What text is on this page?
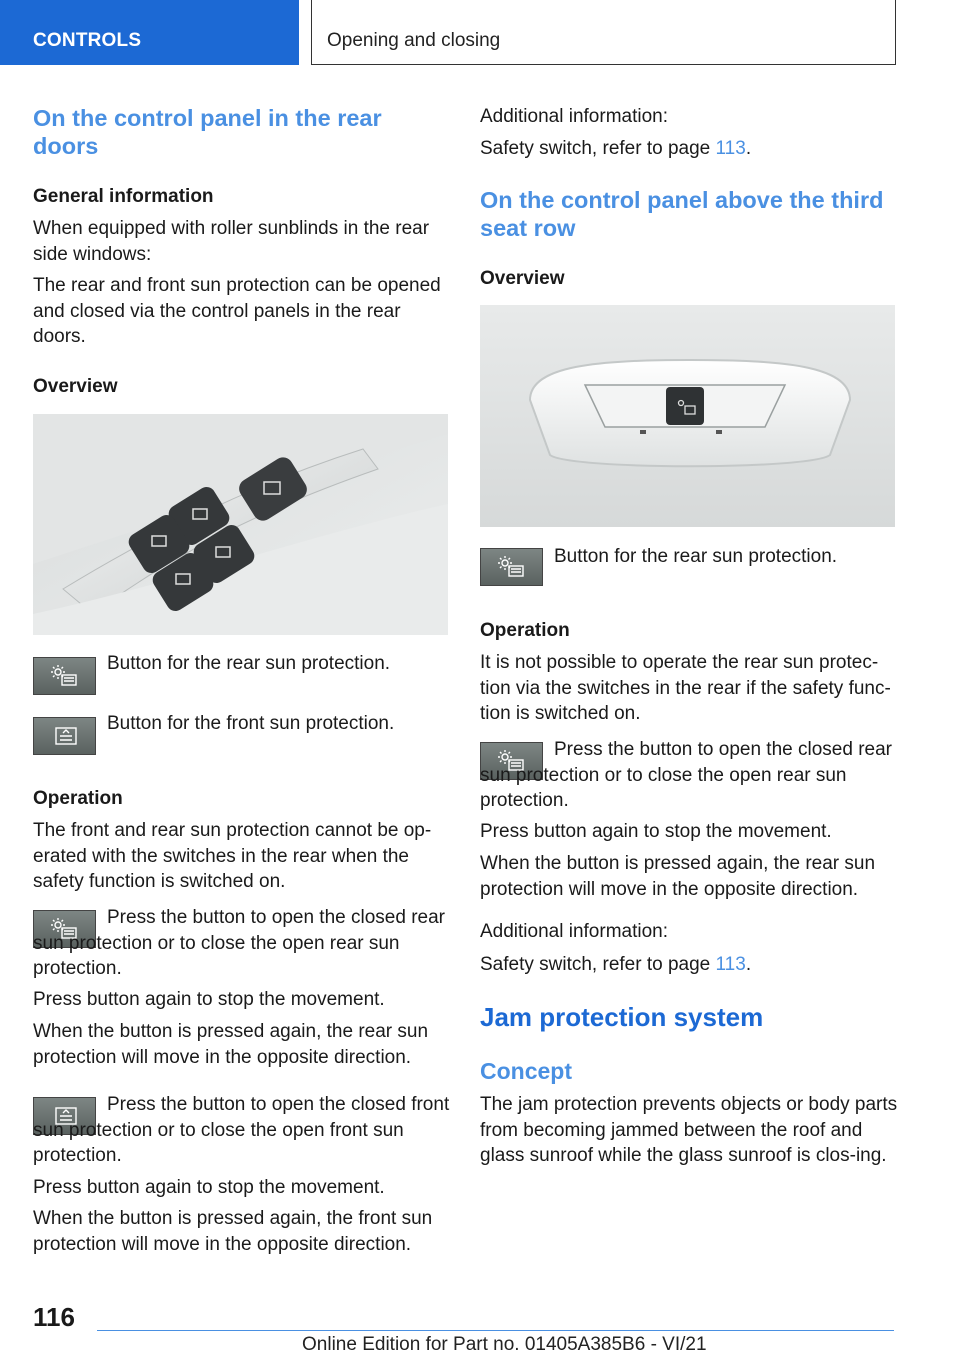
CONTROLS	Opening and closing
On the control panel in the rear doors
General information
When equipped with roller sunblinds in the rear side windows:
The rear and front sun protection can be opened and closed via the control panels in the rear doors.
Overview
Button for the rear sun protection.
Button for the front sun protection.
Operation
The front and rear sun protection cannot be op-erated with the switches in the rear when the safety function is switched on.
Press the button to open the closed rear sun protection or to close the open rear sun protection.
Press button again to stop the movement.
When the button is pressed again, the rear sun protection will move in the opposite direction.
Press the button to open the closed front sun protection or to close the open front sun protection.
Press button again to stop the movement.
When the button is pressed again, the front sun protection will move in the opposite direction.
Additional information:
Safety switch, refer to page 113.
On the control panel above the third seat row
Overview
Button for the rear sun protection.
Operation
It is not possible to operate the rear sun protec-tion via the switches in the rear if the safety func-tion is switched on.
Press the button to open the closed rear sun protection or to close the open rear sun protection.
Press button again to stop the movement.
When the button is pressed again, the rear sun protection will move in the opposite direction.
Additional information:
Safety switch, refer to page 113.
Jam protection system
Concept
The jam protection prevents objects or body parts from becoming jammed between the roof and glass sunroof while the glass sunroof is clos-ing.
116
Online Edition for Part no. 01405A385B6 - VI/21
